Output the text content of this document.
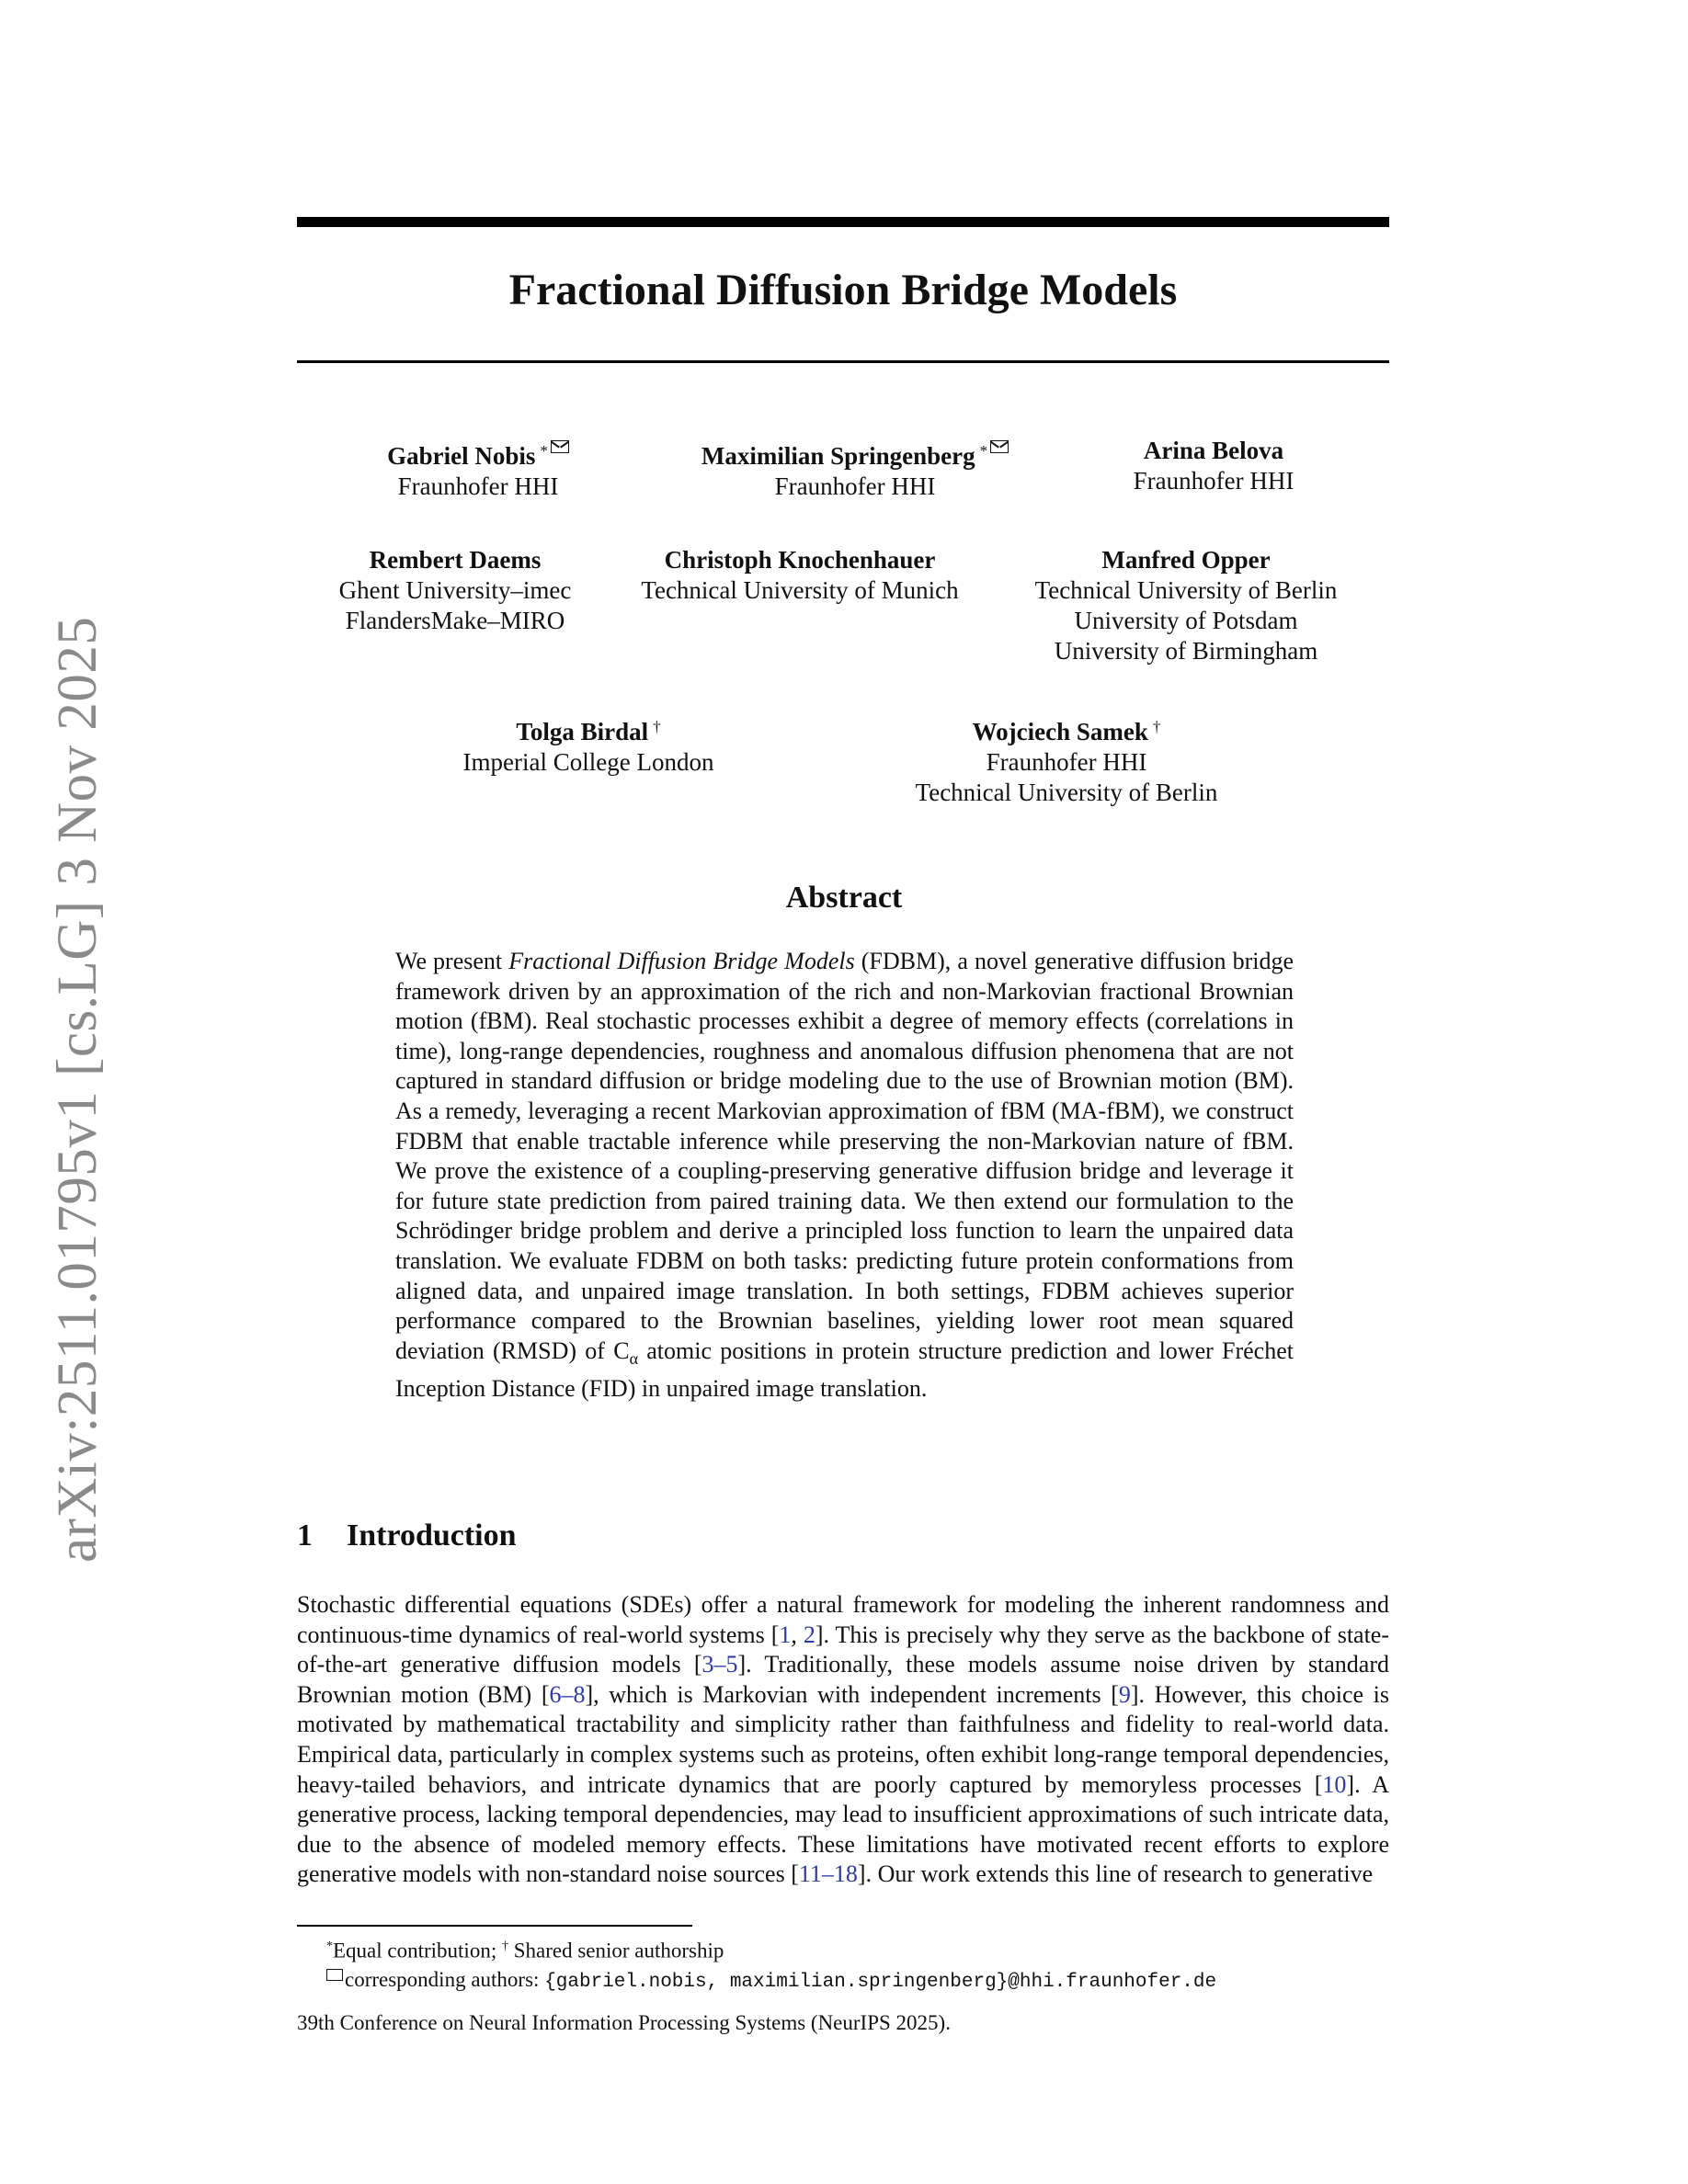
arXiv:2511.01795v1 [cs.LG] 3 Nov 2025
Fractional Diffusion Bridge Models
Gabriel Nobis *
Fraunhofer HHI
Maximilian Springenberg *
Fraunhofer HHI
Arina Belova
Fraunhofer HHI
Rembert Daems
Ghent University–imec
FlandersMake–MIRO
Christoph Knochenhauer
Technical University of Munich
Manfred Opper
Technical University of Berlin
University of Potsdam
University of Birmingham
Tolga Birdal †
Imperial College London
Wojciech Samek †
Fraunhofer HHI
Technical University of Berlin
Abstract
We present Fractional Diffusion Bridge Models (FDBM), a novel generative diffusion bridge framework driven by an approximation of the rich and non-Markovian fractional Brownian motion (fBM). Real stochastic processes exhibit a degree of memory effects (correlations in time), long-range dependencies, roughness and anomalous diffusion phenomena that are not captured in standard diffusion or bridge modeling due to the use of Brownian motion (BM). As a remedy, leveraging a recent Markovian approximation of fBM (MA-fBM), we construct FDBM that enable tractable inference while preserving the non-Markovian nature of fBM. We prove the existence of a coupling-preserving generative diffusion bridge and leverage it for future state prediction from paired training data. We then extend our formulation to the Schrödinger bridge problem and derive a principled loss function to learn the unpaired data translation. We evaluate FDBM on both tasks: predicting future protein conformations from aligned data, and unpaired image translation. In both settings, FDBM achieves superior performance compared to the Brownian baselines, yielding lower root mean squared deviation (RMSD) of $C_\alpha$ atomic positions in protein structure prediction and lower Fréchet Inception Distance (FID) in unpaired image translation.
1 Introduction
Stochastic differential equations (SDEs) offer a natural framework for modeling the inherent randomness and continuous-time dynamics of real-world systems [1, 2]. This is precisely why they serve as the backbone of state-of-the-art generative diffusion models [3–5]. Traditionally, these models assume noise driven by standard Brownian motion (BM) [6–8], which is Markovian with independent increments [9]. However, this choice is motivated by mathematical tractability and simplicity rather than faithfulness and fidelity to real-world data. Empirical data, particularly in complex systems such as proteins, often exhibit long-range temporal dependencies, heavy-tailed behaviors, and intricate dynamics that are poorly captured by memoryless processes [10]. A generative process, lacking temporal dependencies, may lead to insufficient approximations of such intricate data, due to the absence of modeled memory effects. These limitations have motivated recent efforts to explore generative models with non-standard noise sources [11–18]. Our work extends this line of research to generative
*Equal contribution; † Shared senior authorship
corresponding authors: {gabriel.nobis, maximilian.springenberg}@hhi.fraunhofer.de
39th Conference on Neural Information Processing Systems (NeurIPS 2025).
